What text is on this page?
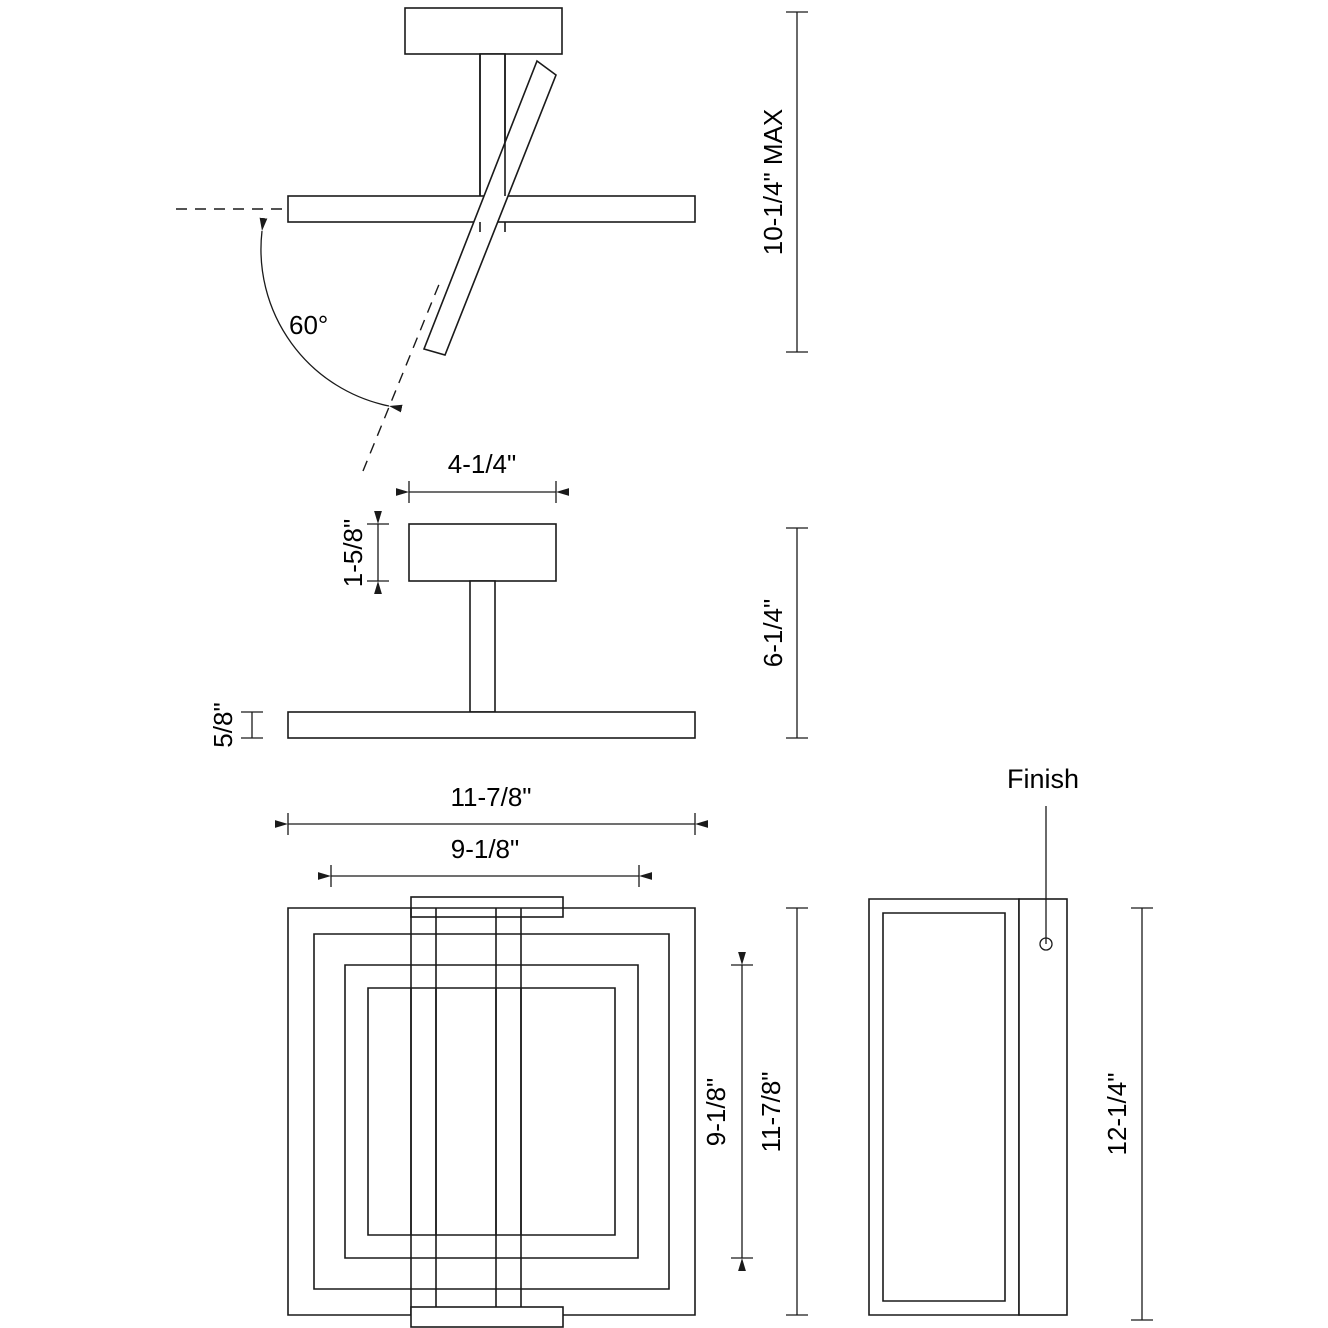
60°
10-1/4" MAX
4-1/4"
1-5/8"
5/8"
6-1/4"
11-7/8"
9-1/8"
9-1/8" 11-7/8"
Finish
12-1/4"
